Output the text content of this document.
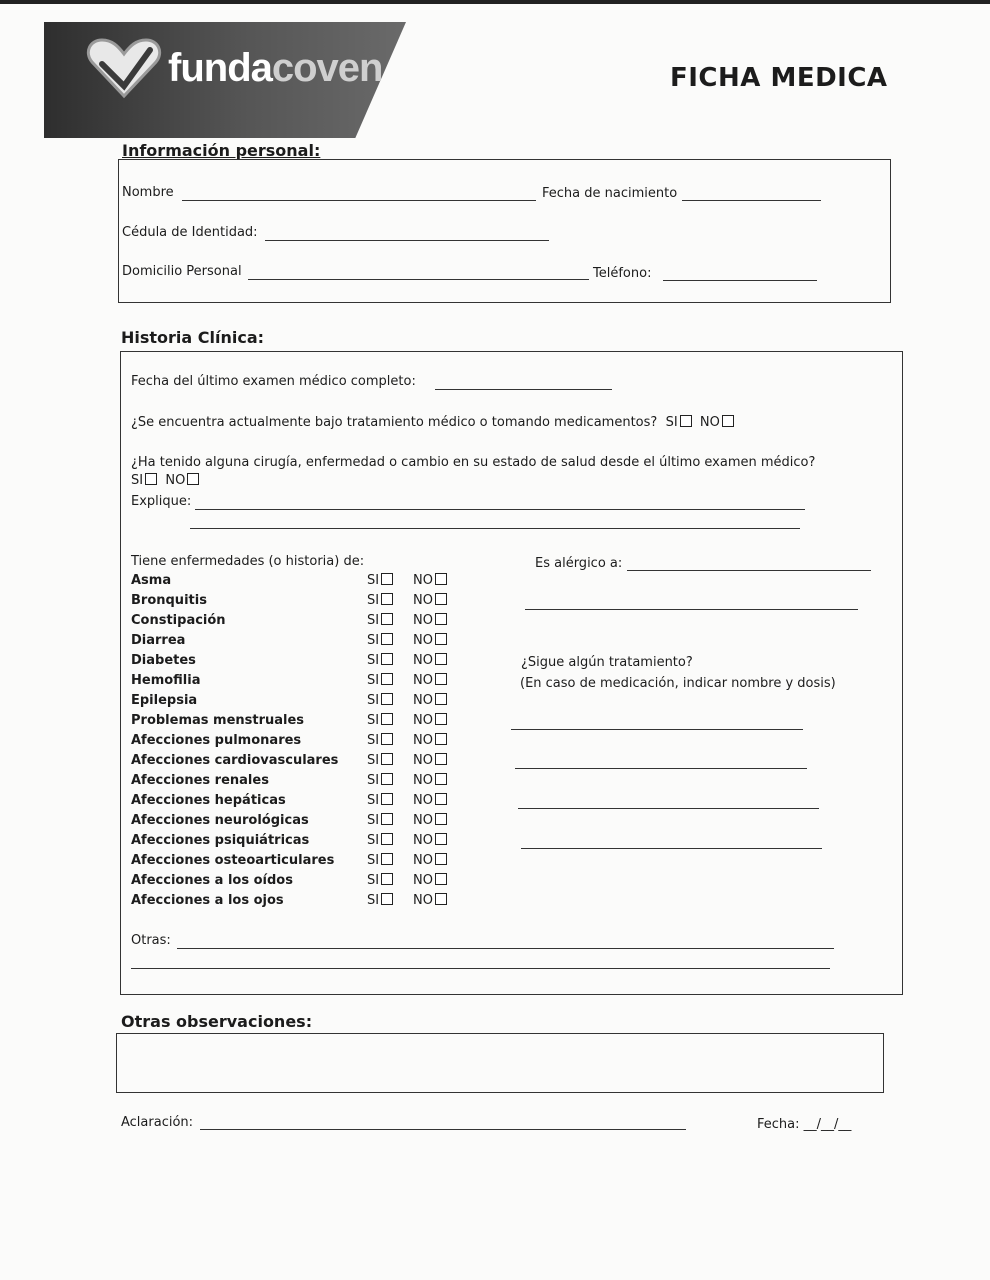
fundacoven	FICHA MEDICA
Información personal:
Nombre	Fecha de nacimiento
Cédula de Identidad:
Domicilio Personal	Teléfono:
Historia Clínica:
Fecha del último examen médico completo:
¿Se encuentra actualmente bajo tratamiento médico o tomando medicamentos? SI NO
¿Ha tenido alguna cirugía, enfermedad o cambio en su estado de salud desde el último examen médico?
SI NO
Explique:
Tiene enfermedades (o historia) de:
Asma	SI	NO
Bronquitis	SI	NO
Constipación	SI	NO
Diarrea	SI	NO
Diabetes	SI	NO
Hemofilia	SI	NO
Epilepsia	SI	NO
Problemas menstruales	SI	NO
Afecciones pulmonares	SI	NO
Afecciones cardiovasculares SI	NO
Afecciones renales	SI	NO
Afecciones hepáticas	SI	NO
Afecciones neurológicas	SI	NO
Afecciones psiquiátricas	SI	NO
Afecciones osteoarticulares	SI	NO
Afecciones a los oídos	SI	NO
Afecciones a los ojos	SI	NO
Es alérgico a:
¿Sigue algún tratamiento?
(En caso de medicación, indicar nombre y dosis)
Otras:
Otras observaciones:
Aclaración:	Fecha: __/__/__
